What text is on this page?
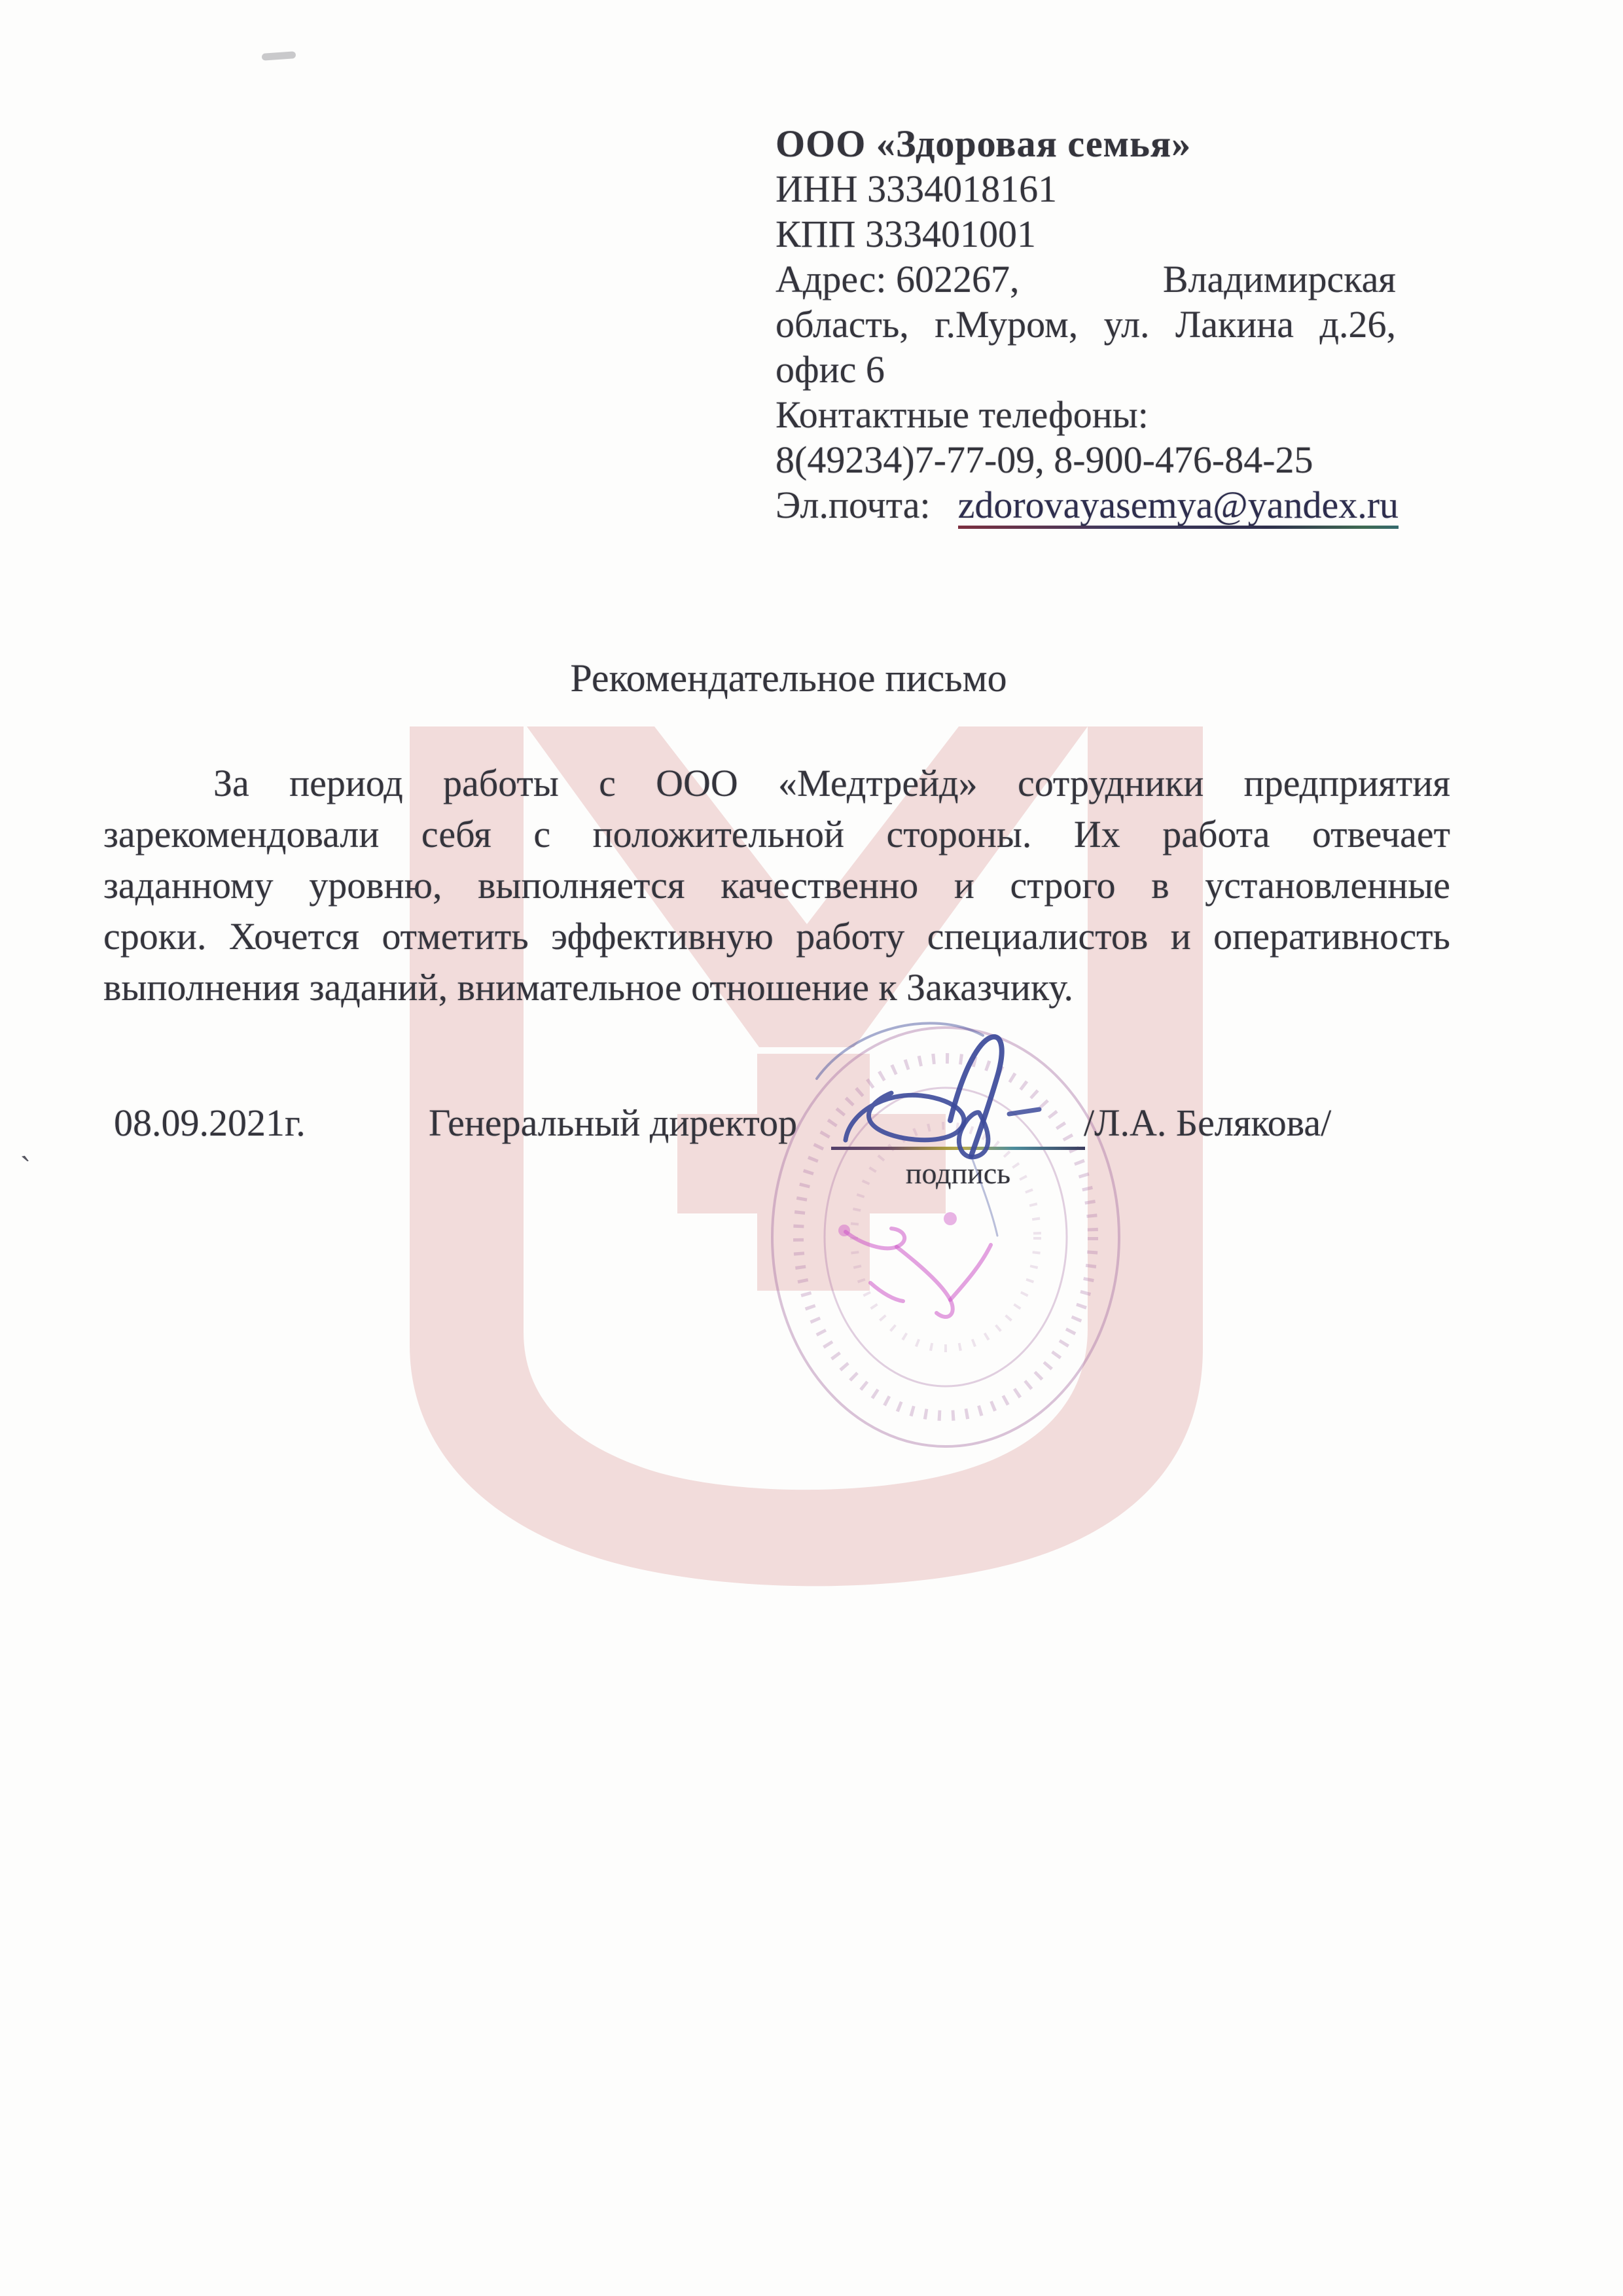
ООО «Здоровая семья»
ИНН 3334018161
КПП 333401001
Адрес: 602267,	Владимирская
область, г.Муром, ул. Лакина д.26,
офис 6
Контактные телефоны:
8(49234)7-77-09, 8-900-476-84-25
Эл.почта: zdorovayasemya@yandex.ru
Рекомендательное письмо
За период работы с ООО «Медтрейд» сотрудники предприятия
зарекомендовали себя с положительной стороны. Их работа отвечает
заданному уровню, выполняется качественно и строго в установленные
сроки. Хочется отметить эффективную работу специалистов и оперативность
выполнения заданий, внимательное отношение к Заказчику.
08.09.2021г.	Генеральный директор
подпись
/Л.А. Белякова/
‵
